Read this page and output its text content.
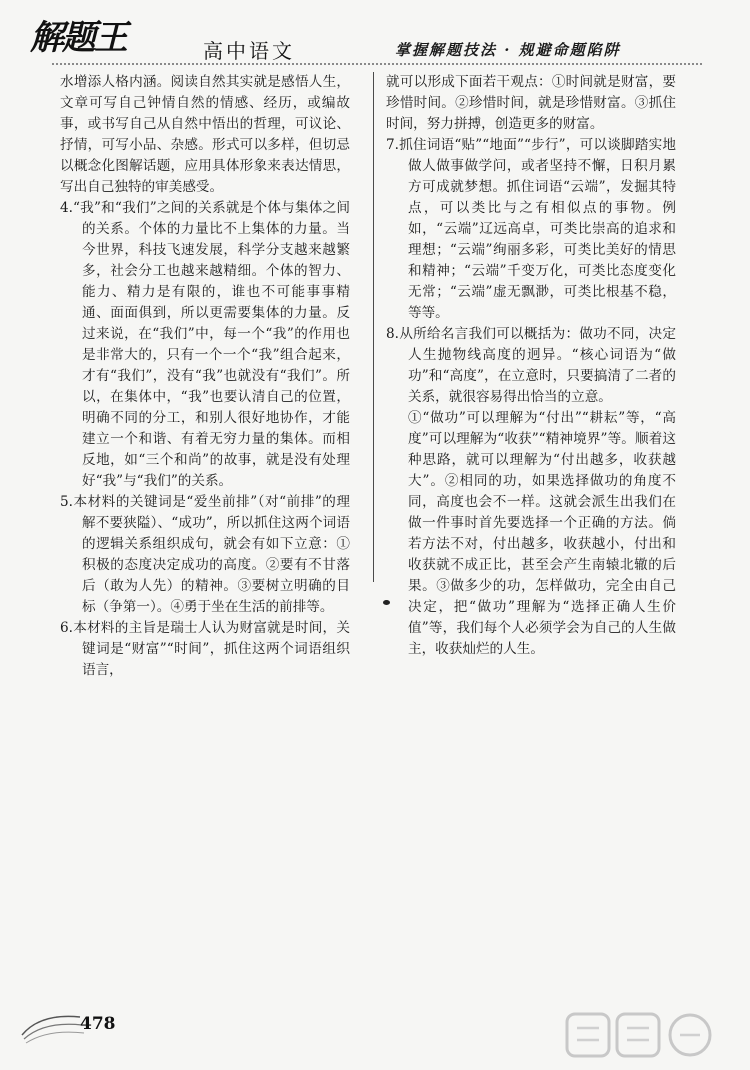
解题王	高中语文	掌握解题技法 · 规避命题陷阱

水增添人格内涵。阅读自然其实就是感悟人生，文章可写自己钟情自然的情感、经历，或编故事，或书写自己从自然中悟出的哲理，可议论、抒情，可写小品、杂感。形式可以多样，但切忌以概念化图解话题，应用具体形象来表达情思，写出自己独特的审美感受。

4.“我”和“我们”之间的关系就是个体与集体之间的关系。个体的力量比不上集体的力量。当今世界，科技飞速发展，科学分支越来越繁多，社会分工也越来越精细。个体的智力、能力、精力是有限的，谁也不可能事事精通、面面俱到，所以更需要集体的力量。反过来说，在“我们”中，每一个“我”的作用也是非常大的，只有一个一个“我”组合起来，才有“我们”，没有“我”也就没有“我们”。所以，在集体中，“我”也要认清自己的位置，明确不同的分工，和别人很好地协作，才能建立一个和谐、有着无穷力量的集体。而相反地，如“三个和尚”的故事，就是没有处理好“我”与“我们”的关系。

5.本材料的关键词是“爱坐前排”（对“前排”的理解不要狭隘）、“成功”，所以抓住这两个词语的逻辑关系组织成句，就会有如下立意：①积极的态度决定成功的高度。②要有不甘落后（敢为人先）的精神。③要树立明确的目标（争第一）。④勇于坐在生活的前排等。

6.本材料的主旨是瑞士人认为财富就是时间，关键词是“财富”“时间”，抓住这两个词语组织语言，

就可以形成下面若干观点：①时间就是财富，要珍惜时间。②珍惜时间，就是珍惜财富。③抓住时间，努力拼搏，创造更多的财富。

7.抓住词语“贴”“地面”“步行”，可以谈脚踏实地做人做事做学问，或者坚持不懈，日积月累方可成就梦想。抓住词语“云端”，发掘其特点，可以类比与之有相似点的事物。例如，“云端”辽远高卓，可类比崇高的追求和理想；“云端”绚丽多彩，可类比美好的情思和精神；“云端”千变万化，可类比态度变化无常；“云端”虚无飘渺，可类比根基不稳，等等。

8.从所给名言我们可以概括为：做功不同，决定人生抛物线高度的迥异。“核心词语为“做功”和“高度”，在立意时，只要搞清了二者的关系，就很容易得出恰当的立意。

①“做功”可以理解为“付出”“耕耘”等，“高度”可以理解为“收获”“精神境界”等。顺着这种思路，就可以理解为“付出越多，收获越大”。②相同的功，如果选择做功的角度不同，高度也会不一样。这就会派生出我们在做一件事时首先要选择一个正确的方法。倘若方法不对，付出越多，收获越小，付出和收获就不成正比，甚至会产生南辕北辙的后果。③做多少的功，怎样做功，完全由自己决定，把“做功”理解为“选择正确人生价值”等，我们每个人必须学会为自己的人生做主，收获灿烂的人生。

478
